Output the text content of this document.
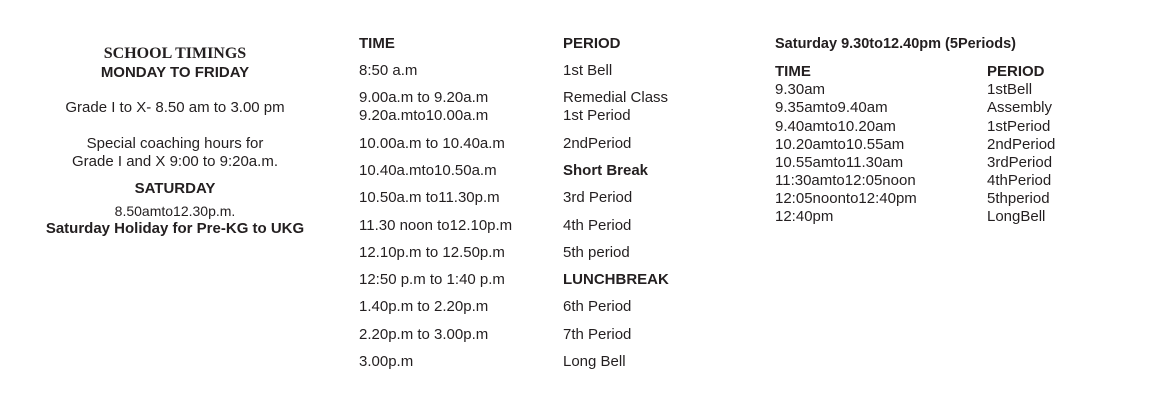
SCHOOL TIMINGS
MONDAY TO FRIDAY
Grade I to X- 8.50 am to 3.00 pm
Special coaching hours for
Grade I and X 9:00 to 9:20a.m.
SATURDAY
8.50amto12.30p.m.
Saturday Holiday for Pre-KG to UKG
TIME	PERIOD
8:50 a.m	1st Bell
9.00a.m to 9.20a.m	Remedial Class
9.20a.mto10.00a.m	1st Period
10.00a.m to 10.40a.m	2ndPeriod
10.40a.mto10.50a.m	Short Break
10.50a.m to11.30p.m	3rd Period
11.30 noon to12.10p.m	4th Period
12.10p.m to 12.50p.m	5th period
12:50 p.m to 1:40 p.m	LUNCHBREAK
1.40p.m to 2.20p.m	6th Period
2.20p.m to 3.00p.m	7th Period
3.00p.m	Long Bell
Saturday 9.30to12.40pm (5Periods)
TIME	PERIOD
9.30am	1stBell
9.35amto9.40am	Assembly
9.40amto10.20am	1stPeriod
10.20amto10.55am	2ndPeriod
10.55amto11.30am	3rdPeriod
11:30amto12:05noon	4thPeriod
12:05noonto12:40pm	5thperiod
12:40pm	LongBell
